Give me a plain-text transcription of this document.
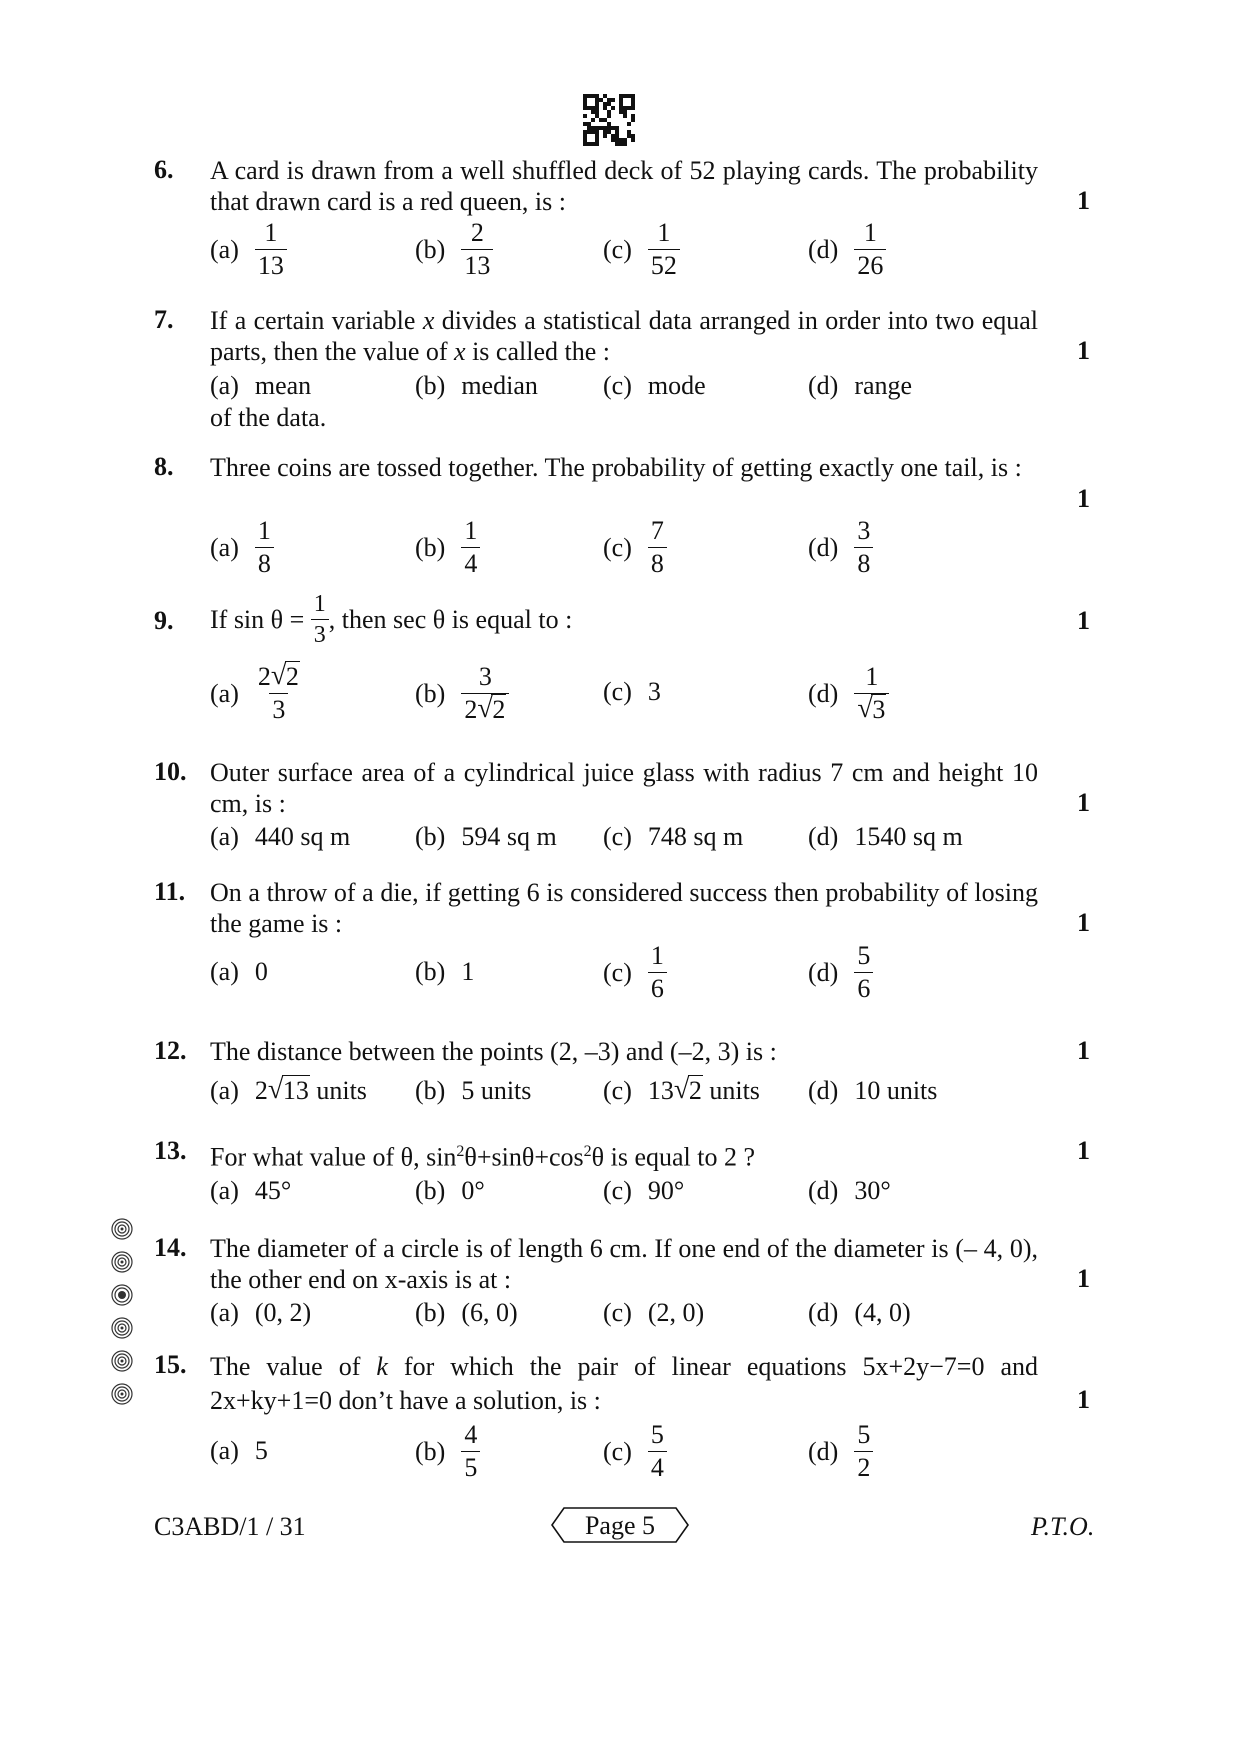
6. A card is drawn from a well shuffled deck of 52 playing cards. The probability that drawn card is a red queen, is :	1
$(a) \frac{1}{13}$	$(b) \frac{2}{13}$	$(c) \frac{1}{52}$	$(d) \frac{1}{26}$
7. If a certain variable x divides a statistical data arranged in order into two equal parts, then the value of x is called the :	1
(a) mean	(b) median	(c) mode	(d) range
of the data.
8. Three coins are tossed together. The probability of getting exactly one tail, is :
1
$(a) \frac{1}{8}$	$(b) \frac{1}{4}$	$(c) \frac{7}{8}$	$(d) \frac{3}{8}$
9. If $\sin \theta = \frac{1}{3}$ , then sec θ is equal to :	1
$(a) \frac{2 √ 2}{3}$	$(b) \frac{3}{2 √ 2}$	(c) 3	$(d) \frac{1}{√ 3}$
10. Outer surface area of a cylindrical juice glass with radius 7 cm and height 10 cm, is :	1
(a) 440 sq m (b) 594 sq m (c) 748 sq m (d) 1540 sq m
11. On a throw of a die, if getting 6 is considered success then probability of losing the game is :	1
(a) 0	(b) 1	$(c) \frac{1}{6}$	$(d) \frac{5}{6}$
12. The distance between the points (2, –3) and (–2, 3) is :	1
(a) 2 √ 13 units (b) 5 units	(c) 13 √ 2 units (d) 10 units
13. For what value of θ, $\sin^2\theta+\sin\theta+\cos^2\theta$ is equal to 2 ?	1
(a) 45°	(b) 0°	(c) 90°	(d) 30°
14. The diameter of a circle is of length 6 cm. If one end of the diameter is (– 4, 0), the other end on x-axis is at :	1
(a) (0, 2)	(b) (6, 0)	(c) (2, 0)	(d) (4, 0)
15. The value of k for which the pair of linear equations 5x+2y−7=0 and 2x+ky+1=0 don’t have a solution, is :	1
(a) 5	$(b) \frac{4}{5}$	$(c) \frac{5}{4}$	$(d) \frac{5}{2}$

C3ABD/1 / 31	Page 5	P.T.O.
